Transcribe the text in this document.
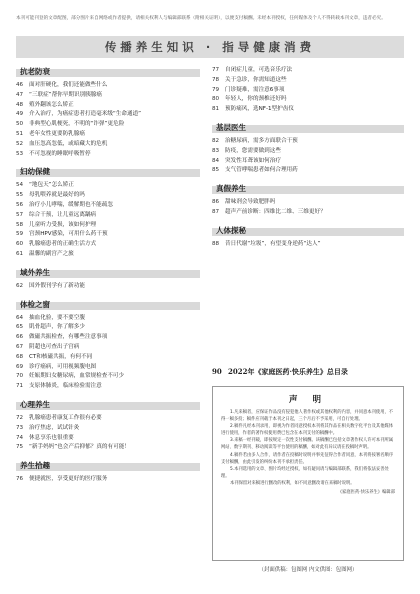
本刊可能刊登的文章配图，部分图片来自网络或作者提供，请相关权利人与编辑部联系（附相关证明），以便支付稿酬。未经本刊授权，任何媒体及个人不得转载本刊文章，违者必究。
传播养生知识 · 指导健康消费
抗老防衰
46	面对肝硬化，我们还能做些什么
47	“三联症”帮你早期识别胰腺癌
48	殖外翻该怎么矫正
49	介入治疗，为癌症患者打造毫米级“生命通道”
50	非典型心肌梗死，不明的“诈弹”更危险
51	老年女性更要防乳腺癌
52	血压忽高忽低，或暗藏大的危机
53	不可忽视的睡眠呼吸暂停
妇幼保健
54	“地包天”怎么矫正
55	母乳喂养就是最好的吗
56	治疗小儿哮喘，缓解期也不能疏忽
57	综合干预，让儿童远离龋病
58	儿童听力受损，该如何护理
59	宫颈HPV感染，可用什么药干预
60	乳腺癌患者的正确生活方式
61	温馨的副宫产之旅
域外养生
62	国外假刊学有了新功能
体检之窗
64	抽血化验，要不要空腹
65	肌骨超声，你了解多少
66	做磁共振检查，有哪些注意事项
67	阴超也可查出子宫病
68	CT和核磁共振，有何不同
69	诊疗癌病，可用视频腹电图
70	妊娠期妇女糖尿病，血常规检查不可少
71	支原体肺炎，临床检验需注意
心理养生
72	乳腺癌患者康复工作很有必要
73	治疗焦虑，试试针灸
74	休息享乐也很重要
75	“新手妈妈”也会产后抑郁？真的有可能！
养生拾趣
76	便捷就医，享受更好的医疗服务
77	自闭症儿童，可选音乐疗法
78	关于急诊，你需知道这些
79	门诊疑难，需注意6事项
80	年轻人，你的颈椎还好吗
81	预防痛风，选NF-1型护齿仪
基层医生
82	治糖尿病，需多方面联合干预
83	防疫，您需要做到这些
84	突发性耳聋该如何治疗
85	支气管哮喘患者如何合理用药
真假养生
86	甜味剂会导致肥胖吗
87	超声产前诊断：四维比二维、三维更好？
人体探秘
88	昔日代谢“垃圾”，有望变身逆药“达人”
90 2022年《家庭医药·快乐养生》总目录
声 明

1.凡来稿者，应保证作品没有侵犯他人著作权或其他权利的内容，并同意本刊使用，不得一稿多投；稿件应刊载于本刊之日起，三个月后不予采用，可自行处理。

2.稿件凡经本刊录用，即视为作者同意授权本刊将其作品在相关数字化平台及其他媒体进行使用，作者的著作权使用费已包含在本刊支付的稿酬中。

3.来稿一经刊载，即按规定一次性支付稿酬。该稿酬已包括文章著作权人许可本刊所属网站、数字期刊、移动阅读等平台使用的稿酬，如对此有异议请在投稿时声明。

4.稿件若由多人合作，请作者在投稿时说明并事先征得合作者同意，本刊将按署名顺序支付稿酬，由此引发的纠纷本刊不承担责任。

5.本刊选用的文章、图片均经过授权，如有疑问请与编辑部联系，我们将依法妥善处理。

本刊保留对来稿进行删改的权利，如不同意删改请在来稿时说明。

《家庭医药·快乐养生》编辑部

（封面供稿：包图网 内文供图：包图网）
